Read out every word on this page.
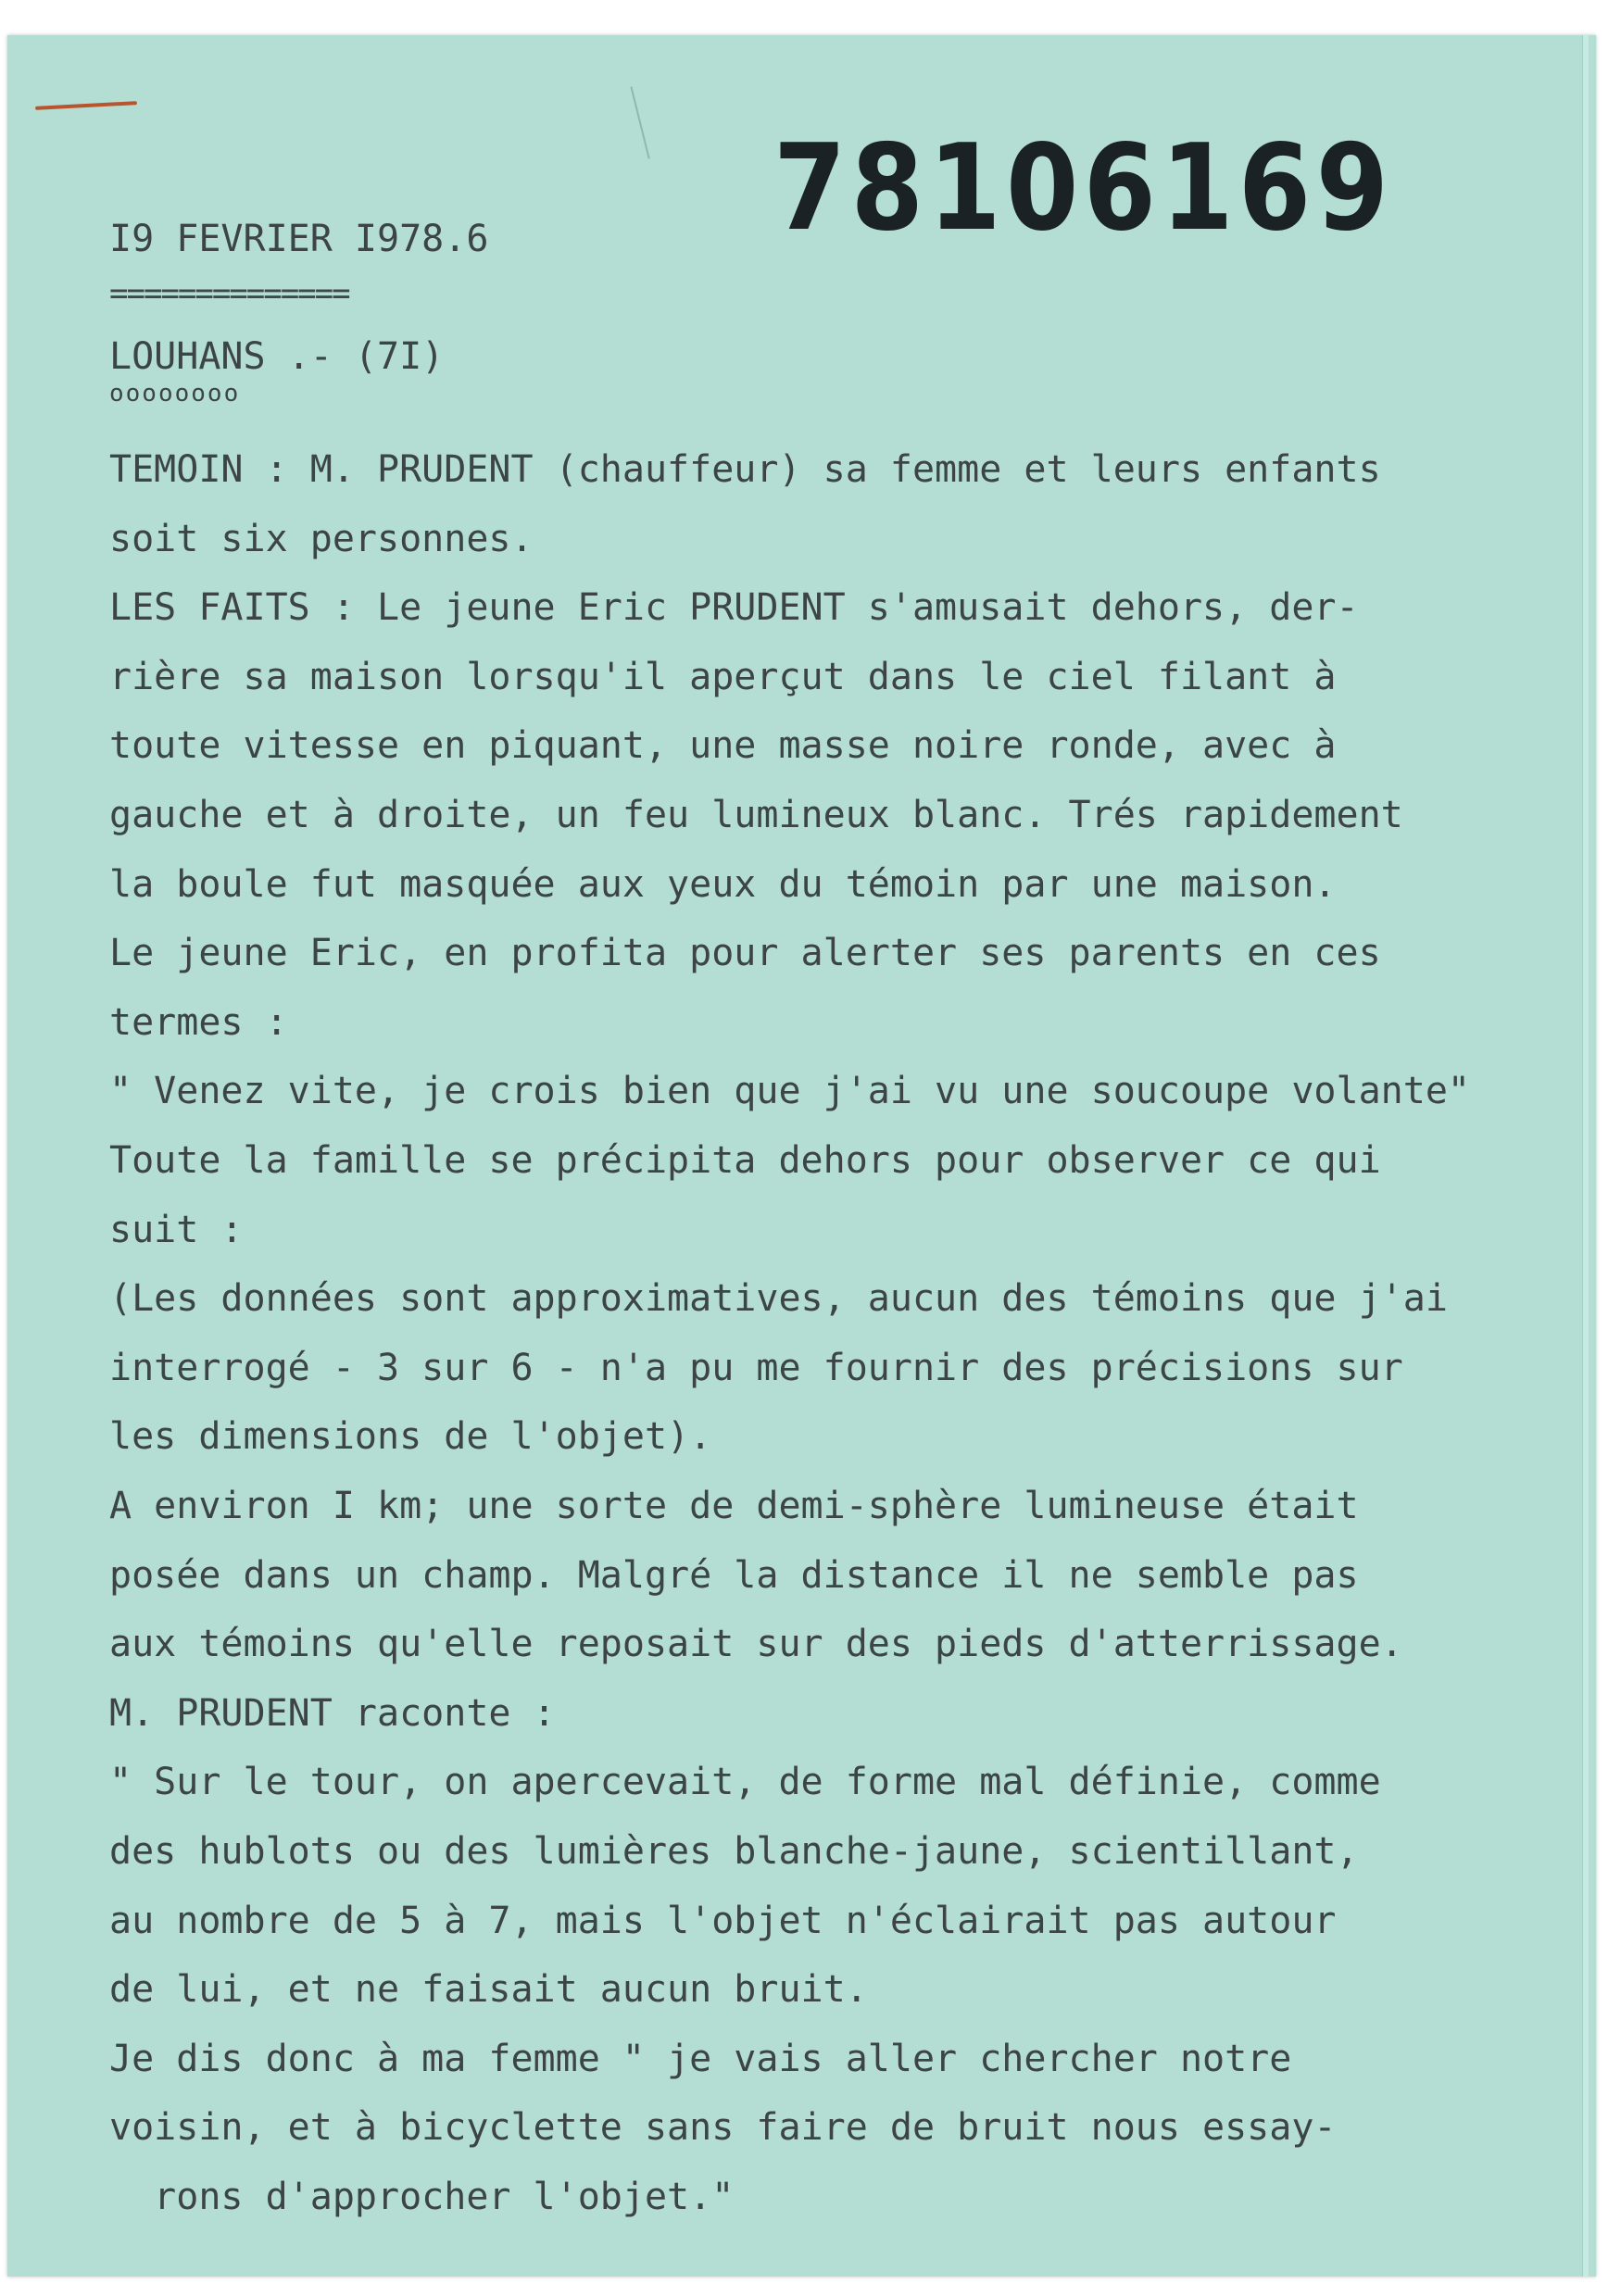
78106169
I9 FEVRIER I978.6
==============
LOUHANS .- (7I)
oooooooo
TEMOIN : M. PRUDENT (chauffeur) sa femme et leurs enfants
soit six personnes.
LES FAITS : Le jeune Eric PRUDENT s'amusait dehors, der-
rière sa maison lorsqu'il aperçut dans le ciel filant à
toute vitesse en piquant, une masse noire ronde, avec à
gauche et à droite, un feu lumineux blanc. Trés rapidement
la boule fut masquée aux yeux du témoin par une maison.
Le jeune Eric, en profita pour alerter ses parents en ces
termes :
" Venez vite, je crois bien que j'ai vu une soucoupe volante"
Toute la famille se précipita dehors pour observer ce qui
suit :
(Les données sont approximatives, aucun des témoins que j'ai
interrogé - 3 sur 6 - n'a pu me fournir des précisions sur
les dimensions de l'objet).
A environ I km; une sorte de demi-sphère lumineuse était
posée dans un champ. Malgré la distance il ne semble pas
aux témoins qu'elle reposait sur des pieds d'atterrissage.
M. PRUDENT raconte :
" Sur le tour, on apercevait, de forme mal définie, comme
des hublots ou des lumières blanche-jaune, scientillant,
au nombre de 5 à 7, mais l'objet n'éclairait pas autour
de lui, et ne faisait aucun bruit.
Je dis donc à ma femme " je vais aller chercher notre
voisin, et à bicyclette sans faire de bruit nous essay-
rons d'approcher l'objet."
